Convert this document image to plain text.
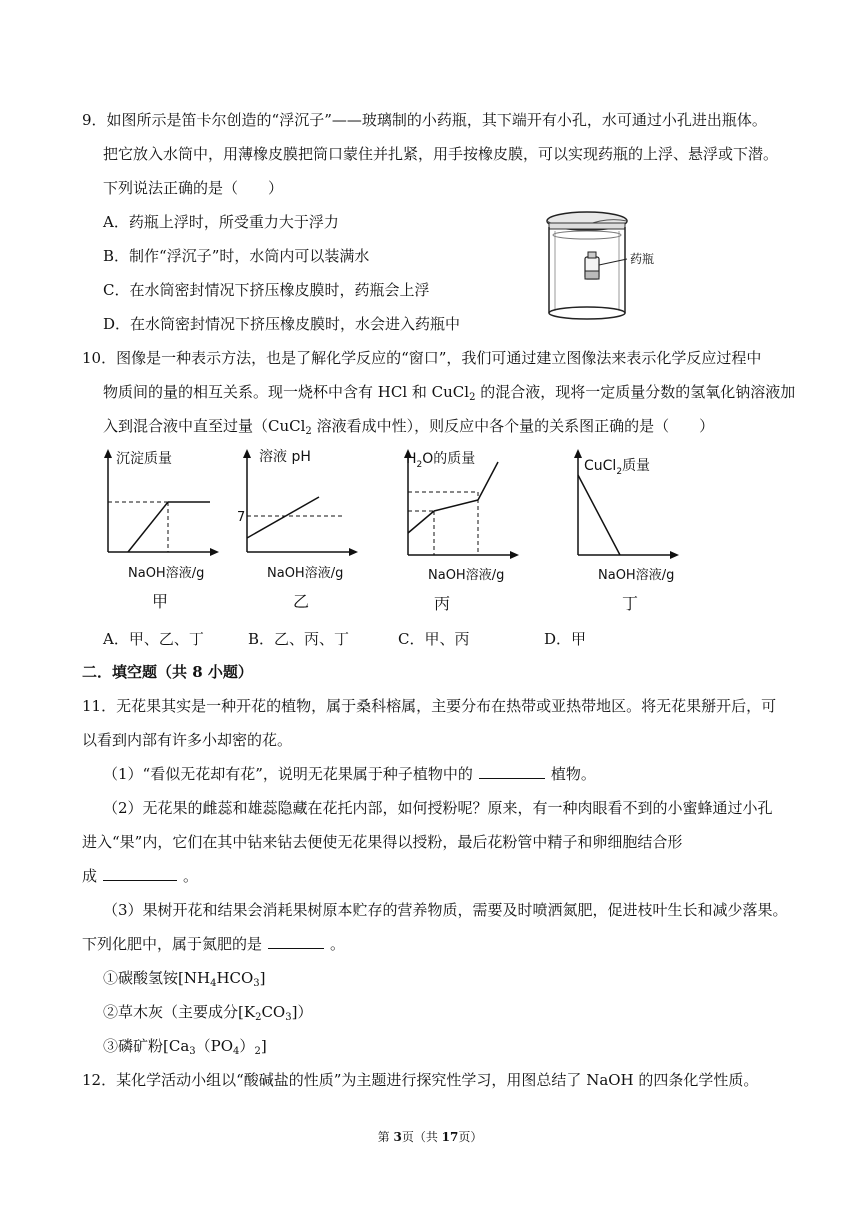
9．如图所示是笛卡尔创造的“浮沉子”——玻璃制的小药瓶，其下端开有小孔，水可通过小孔进出瓶体。
把它放入水筒中，用薄橡皮膜把筒口蒙住并扎紧，用手按橡皮膜，可以实现药瓶的上浮、悬浮或下潜。
下列说法正确的是（　　）
A．药瓶上浮时，所受重力大于浮力
B．制作“浮沉子”时，水筒内可以装满水
C．在水筒密封情况下挤压橡皮膜时，药瓶会上浮
D．在水筒密封情况下挤压橡皮膜时，水会进入药瓶中
药瓶
10．图像是一种表示方法，也是了解化学反应的“窗口”，我们可通过建立图像法来表示化学反应过程中
物质间的量的相互关系。现一烧杯中含有 HCl 和 CuCl$_2$ 的混合液，现将一定质量分数的氢氧化钠溶液加
入到混合液中直至过量（CuCl$_2$ 溶液看成中性），则反应中各个量的关系图正确的是（　　）
沉淀质量
NaOH溶液/g
甲
溶液 pH
7
NaOH溶液/g
乙
$H_2O$的质量
NaOH溶液/g
丙
CuCl$_2$质量
NaOH溶液/g
丁
A．甲、乙、丁	B．乙、丙、丁	C．甲、丙	D．甲
二．填空题（共 8 小题）
11．无花果其实是一种开花的植物，属于桑科榕属，主要分布在热带或亚热带地区。将无花果掰开后，可
以看到内部有许多小却密的花。
（1）“看似无花却有花”，说明无花果属于种子植物中的	植物。
（2）无花果的雌蕊和雄蕊隐藏在花托内部，如何授粉呢？原来，有一种肉眼看不到的小蜜蜂通过小孔
进入“果”内，它们在其中钻来钻去便使无花果得以授粉，最后花粉管中精子和卵细胞结合形
成	。
（3）果树开花和结果会消耗果树原本贮存的营养物质，需要及时喷洒氮肥，促进枝叶生长和减少落果。
下列化肥中，属于氮肥的是	。
①碳酸氢铵$[NH_4HCO_3]$
②草木灰（主要成分$[K_2CO_3]$）
③磷矿粉$[Ca_3(PO_4)_2]$
12．某化学活动小组以“酸碱盐的性质”为主题进行探究性学习，用图总结了 NaOH 的四条化学性质。
第 3页（共 17页）
